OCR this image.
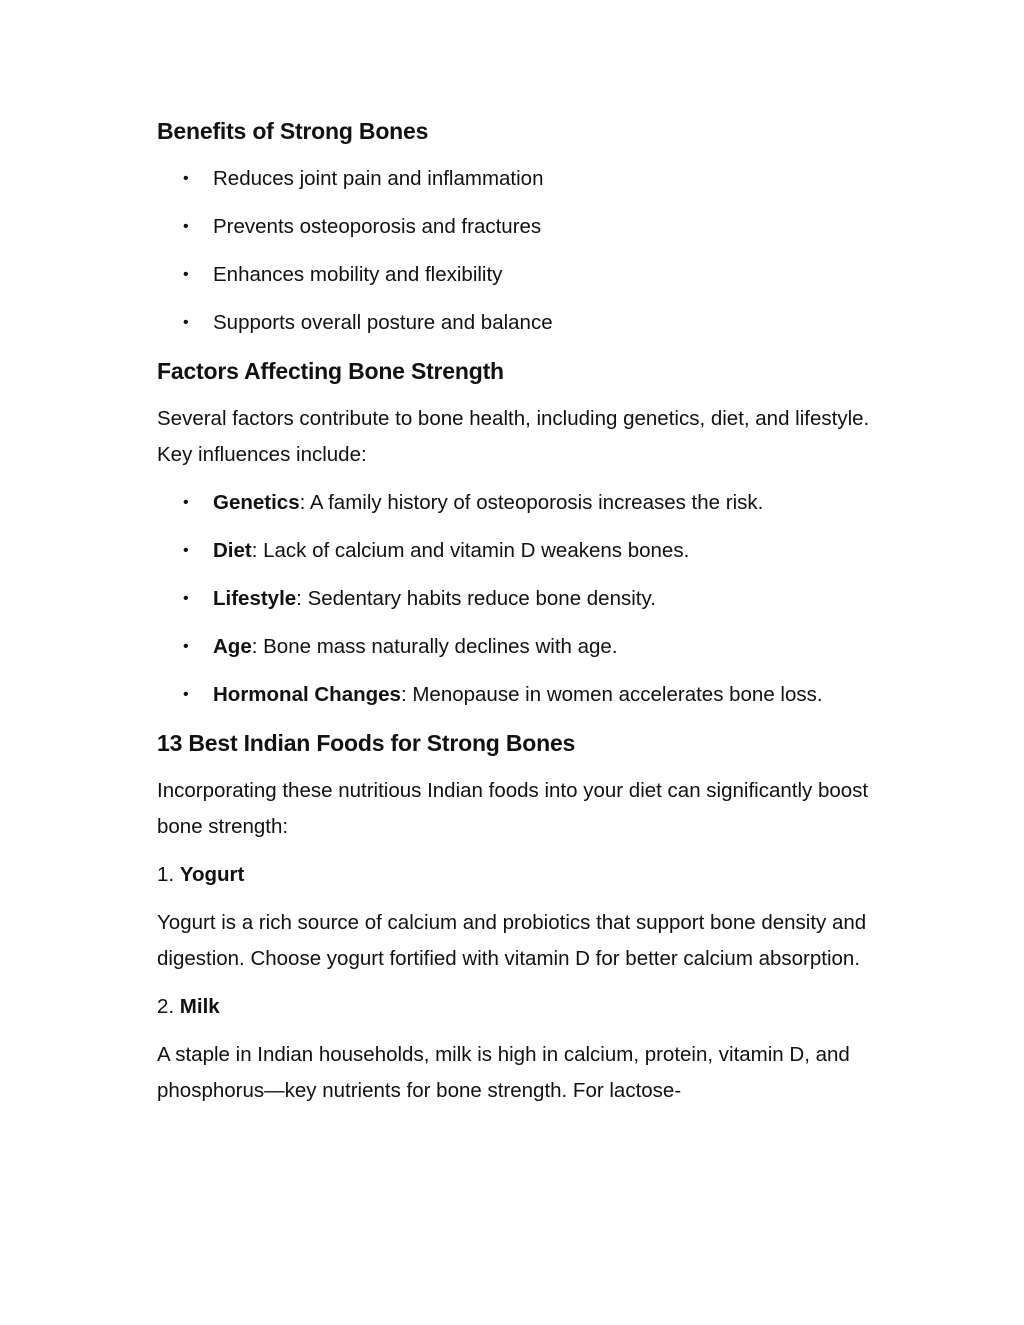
Benefits of Strong Bones
• Reduces joint pain and inflammation
• Prevents osteoporosis and fractures
• Enhances mobility and flexibility
• Supports overall posture and balance
Factors Affecting Bone Strength

Several factors contribute to bone health, including genetics, diet, and lifestyle. Key influences include:

• Genetics: A family history of osteoporosis increases the risk.
• Diet: Lack of calcium and vitamin D weakens bones.
• Lifestyle: Sedentary habits reduce bone density.
• Age: Bone mass naturally declines with age.
• Hormonal Changes: Menopause in women accelerates bone loss.
13 Best Indian Foods for Strong Bones

Incorporating these nutritious Indian foods into your diet can significantly boost bone strength:

1. Yogurt

Yogurt is a rich source of calcium and probiotics that support bone density and digestion. Choose yogurt fortified with vitamin D for better calcium absorption.

2. Milk

A staple in Indian households, milk is high in calcium, protein, vitamin D, and phosphorus—key nutrients for bone strength. For lactose-
